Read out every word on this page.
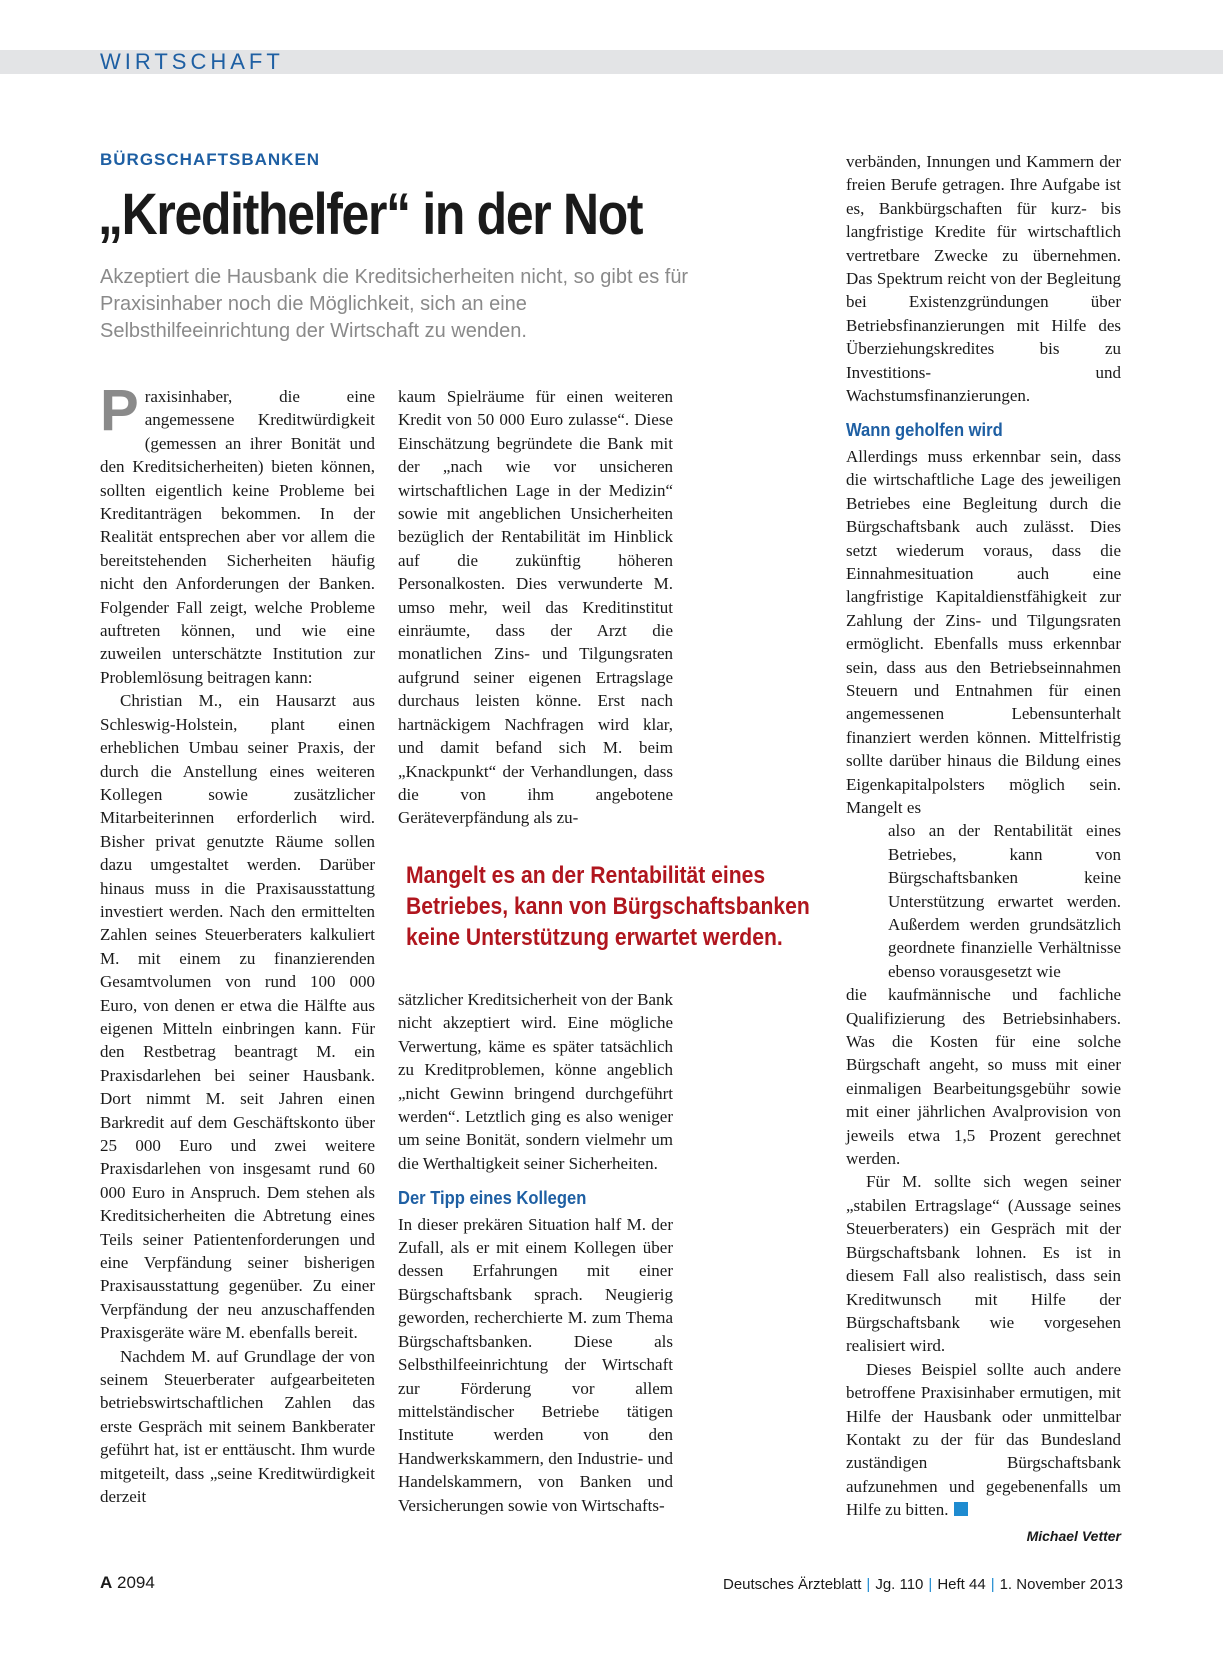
WIRTSCHAFT
BÜRGSCHAFTSBANKEN
„Kredithelfer“ in der Not
Akzeptiert die Hausbank die Kreditsicherheiten nicht, so gibt es für Praxisinhaber noch die Möglichkeit, sich an eine Selbsthilfeeinrichtung der Wirtschaft zu wenden.

Praxisinhaber, die eine angemessene Kreditwürdigkeit (gemessen an ihrer Bonität und den Kreditsicherheiten) bieten können, sollten eigentlich keine Probleme bei Kreditanträgen bekommen. In der Realität entsprechen aber vor allem die bereitstehenden Sicherheiten häufig nicht den Anforderungen der Banken. Folgender Fall zeigt, welche Probleme auftreten können, und wie eine zuweilen unterschätzte Institution zur Problemlösung beitragen kann:

Christian M., ein Hausarzt aus Schleswig-Holstein, plant einen erheblichen Umbau seiner Praxis, der durch die Anstellung eines weiteren Kollegen sowie zusätzlicher Mitarbeiterinnen erforderlich wird. Bisher privat genutzte Räume sollen dazu umgestaltet werden. Darüber hinaus muss in die Praxisausstattung investiert werden. Nach den ermittelten Zahlen seines Steuerberaters kalkuliert M. mit einem zu finanzierenden Gesamtvolumen von rund 100 000 Euro, von denen er etwa die Hälfte aus eigenen Mitteln einbringen kann. Für den Restbetrag beantragt M. ein Praxisdarlehen bei seiner Hausbank. Dort nimmt M. seit Jahren einen Barkredit auf dem Geschäftskonto über 25 000 Euro und zwei weitere Praxisdarlehen von insgesamt rund 60 000 Euro in Anspruch. Dem stehen als Kreditsicherheiten die Abtretung eines Teils seiner Patientenforderungen und eine Verpfändung seiner bisherigen Praxisausstattung gegenüber. Zu einer Verpfändung der neu anzuschaffenden Praxisgeräte wäre M. ebenfalls bereit.

Nachdem M. auf Grundlage der von seinem Steuerberater aufgearbeiteten betriebswirtschaftlichen Zahlen das erste Gespräch mit seinem Bankberater geführt hat, ist er enttäuscht. Ihm wurde mitgeteilt, dass „seine Kreditwürdigkeit derzeit

kaum Spielräume für einen weiteren Kredit von 50 000 Euro zulasse“. Diese Einschätzung begründete die Bank mit der „nach wie vor unsicheren wirtschaftlichen Lage in der Medizin“ sowie mit angeblichen Unsicherheiten bezüglich der Rentabilität im Hinblick auf die zukünftig höheren Personalkosten. Dies verwunderte M. umso mehr, weil das Kreditinstitut einräumte, dass der Arzt die monatlichen Zins- und Tilgungsraten aufgrund seiner eigenen Ertragslage durchaus leisten könne. Erst nach hartnäckigem Nachfragen wird klar, und damit befand sich M. beim „Knackpunkt“ der Verhandlungen, dass die von ihm angebotene Geräteverpfändung als zu-

Mangelt es an der Rentabilität eines
Betriebes, kann von Bürgschaftsbanken
keine Unterstützung erwartet werden.

sätzlicher Kreditsicherheit von der Bank nicht akzeptiert wird. Eine mögliche Verwertung, käme es später tatsächlich zu Kreditproblemen, könne angeblich „nicht Gewinn bringend durchgeführt werden“. Letztlich ging es also weniger um seine Bonität, sondern vielmehr um die Werthaltigkeit seiner Sicherheiten.

Der Tipp eines Kollegen

In dieser prekären Situation half M. der Zufall, als er mit einem Kollegen über dessen Erfahrungen mit einer Bürgschaftsbank sprach. Neugierig geworden, recherchierte M. zum Thema Bürgschaftsbanken. Diese als Selbsthilfeeinrichtung der Wirtschaft zur Förderung vor allem mittelständischer Betriebe tätigen Institute werden von den Handwerkskammern, den Industrie- und Handelskammern, von Banken und Versicherungen sowie von Wirtschafts-

verbänden, Innungen und Kammern der freien Berufe getragen. Ihre Aufgabe ist es, Bankbürgschaften für kurz- bis langfristige Kredite für wirtschaftlich vertretbare Zwecke zu übernehmen. Das Spektrum reicht von der Begleitung bei Existenzgründungen über Betriebsfinanzierungen mit Hilfe des Überziehungskredites bis zu Investitions- und Wachstumsfinanzierungen.

Wann geholfen wird

Allerdings muss erkennbar sein, dass die wirtschaftliche Lage des jeweiligen Betriebes eine Begleitung durch die Bürgschaftsbank auch zulässt. Dies setzt wiederum voraus, dass die Einnahmesituation auch eine langfristige Kapitaldienstfähigkeit zur Zahlung der Zins- und Tilgungsraten ermöglicht. Ebenfalls muss erkennbar sein, dass aus den Betriebseinnahmen Steuern und Entnahmen für einen angemessenen Lebensunterhalt finanziert werden können. Mittelfristig sollte darüber hinaus die Bildung eines Eigenkapitalpolsters möglich sein. Mangelt es

also an der Rentabilität eines Betriebes, kann von Bürgschaftsbanken keine Unterstützung erwartet werden. Außerdem werden grundsätzlich geordnete finanzielle Verhältnisse ebenso vorausgesetzt wie

die kaufmännische und fachliche Qualifizierung des Betriebsinhabers. Was die Kosten für eine solche Bürgschaft angeht, so muss mit einer einmaligen Bearbeitungsgebühr sowie mit einer jährlichen Avalprovision von jeweils etwa 1,5 Prozent gerechnet werden.

Für M. sollte sich wegen seiner „stabilen Ertragslage“ (Aussage seines Steuerberaters) ein Gespräch mit der Bürgschaftsbank lohnen. Es ist in diesem Fall also realistisch, dass sein Kreditwunsch mit Hilfe der Bürgschaftsbank wie vorgesehen realisiert wird.

Dieses Beispiel sollte auch andere betroffene Praxisinhaber ermutigen, mit Hilfe der Hausbank oder unmittelbar Kontakt zu der für das Bundesland zuständigen Bürgschaftsbank aufzunehmen und gegebenenfalls um Hilfe zu bitten.

Michael Vetter
A 2094	Deutsches Ärzteblatt | Jg. 110 | Heft 44 | 1. November 2013
